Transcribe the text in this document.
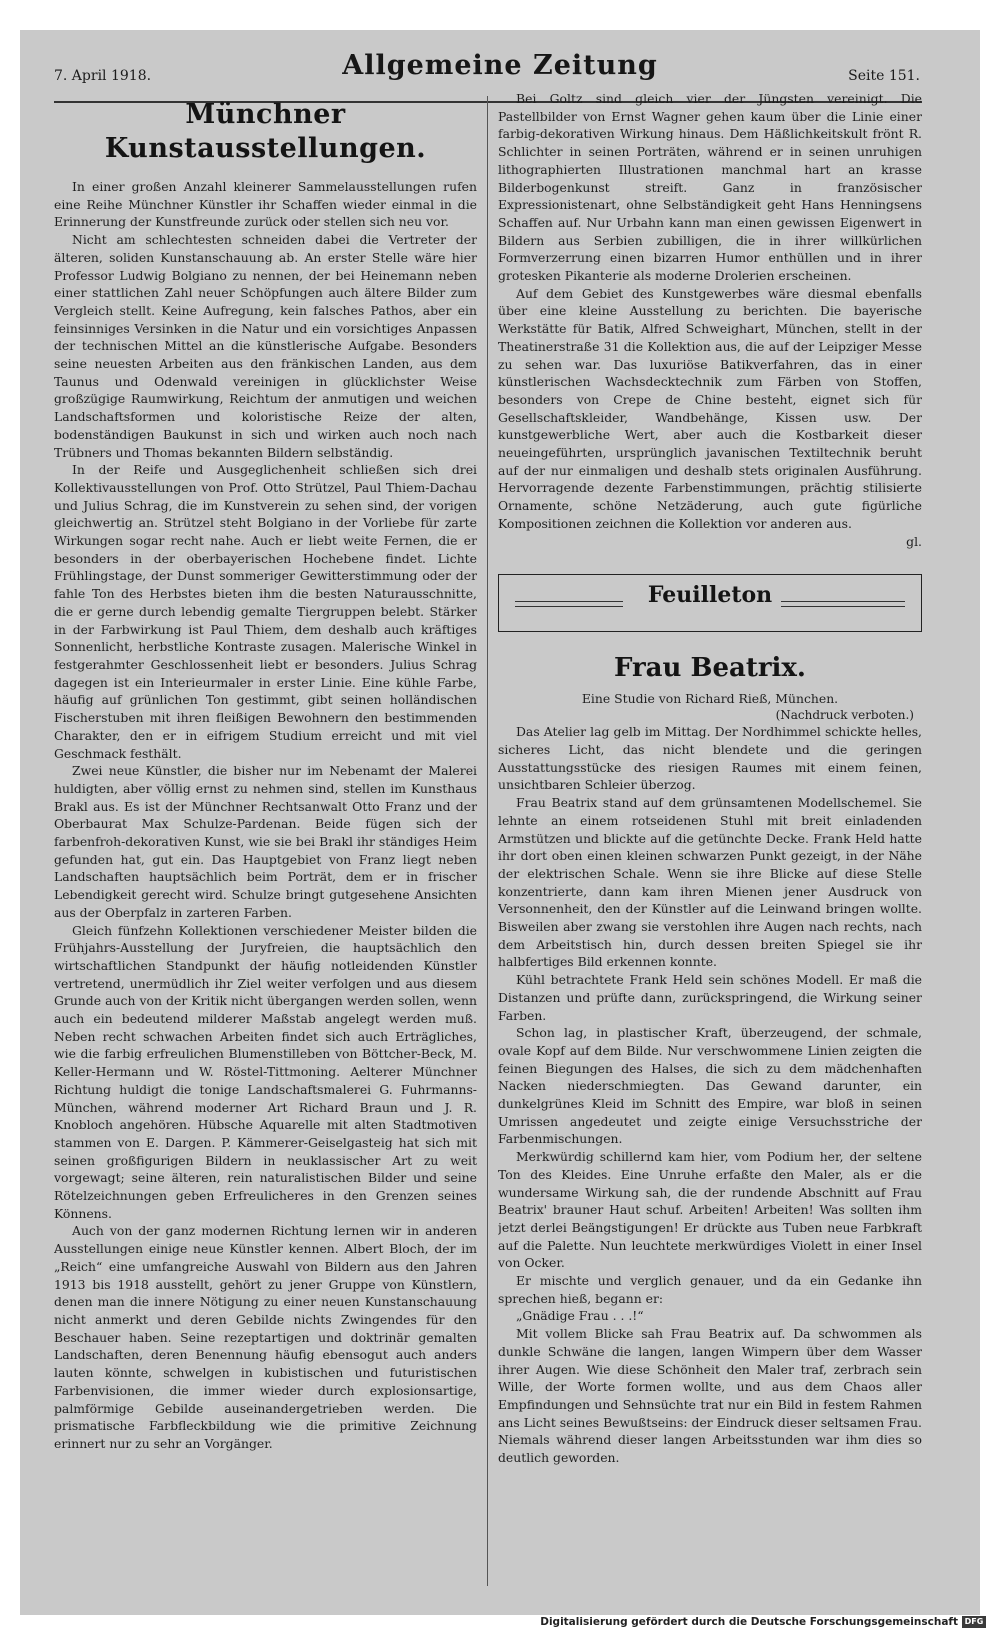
7. April 1918.	Allgemeine Zeitung	Seite 151.
Münchner Kunstausstellungen.

In einer großen Anzahl kleinerer Sammelausstellungen rufen eine Reihe Münchner Künstler ihr Schaffen wieder einmal in die Erinnerung der Kunstfreunde zurück oder stellen sich neu vor.

Nicht am schlechtesten schneiden dabei die Vertreter der älteren, soliden Kunstanschauung ab. An erster Stelle wäre hier Professor Ludwig Bolgiano zu nennen, der bei Heinemann neben einer stattlichen Zahl neuer Schöpfungen auch ältere Bilder zum Vergleich stellt. Keine Aufregung, kein falsches Pathos, aber ein feinsinniges Versinken in die Natur und ein vorsichtiges Anpassen der technischen Mittel an die künstlerische Aufgabe. Besonders seine neuesten Arbeiten aus den fränkischen Landen, aus dem Taunus und Odenwald vereinigen in glücklichster Weise großzügige Raumwirkung, Reichtum der anmutigen und weichen Landschaftsformen und koloristische Reize der alten, bodenständigen Baukunst in sich und wirken auch noch nach Trübners und Thomas bekannten Bildern selbständig.

In der Reife und Ausgeglichenheit schließen sich drei Kollektivausstellungen von Prof. Otto Strützel, Paul Thiem-Dachau und Julius Schrag, die im Kunstverein zu sehen sind, der vorigen gleichwertig an. Strützel steht Bolgiano in der Vorliebe für zarte Wirkungen sogar recht nahe. Auch er liebt weite Fernen, die er besonders in der oberbayerischen Hochebene findet. Lichte Frühlingstage, der Dunst sommeriger Gewitterstimmung oder der fahle Ton des Herbstes bieten ihm die besten Naturausschnitte, die er gerne durch lebendig gemalte Tiergruppen belebt. Stärker in der Farbwirkung ist Paul Thiem, dem deshalb auch kräftiges Sonnenlicht, herbstliche Kontraste zusagen. Malerische Winkel in festgerahmter Geschlossenheit liebt er besonders. Julius Schrag dagegen ist ein Interieurmaler in erster Linie. Eine kühle Farbe, häufig auf grünlichen Ton gestimmt, gibt seinen holländischen Fischerstuben mit ihren fleißigen Bewohnern den bestimmenden Charakter, den er in eifrigem Studium erreicht und mit viel Geschmack festhält.

Zwei neue Künstler, die bisher nur im Nebenamt der Malerei huldigten, aber völlig ernst zu nehmen sind, stellen im Kunsthaus Brakl aus. Es ist der Münchner Rechtsanwalt Otto Franz und der Oberbaurat Max Schulze-Pardenan. Beide fügen sich der farbenfroh-dekorativen Kunst, wie sie bei Brakl ihr ständiges Heim gefunden hat, gut ein. Das Hauptgebiet von Franz liegt neben Landschaften hauptsächlich beim Porträt, dem er in frischer Lebendigkeit gerecht wird. Schulze bringt gutgesehene Ansichten aus der Oberpfalz in zarteren Farben.

Gleich fünfzehn Kollektionen verschiedener Meister bilden die Frühjahrs-Ausstellung der Juryfreien, die hauptsächlich den wirtschaftlichen Standpunkt der häufig notleidenden Künstler vertretend, unermüdlich ihr Ziel weiter verfolgen und aus diesem Grunde auch von der Kritik nicht übergangen werden sollen, wenn auch ein bedeutend milderer Maßstab angelegt werden muß. Neben recht schwachen Arbeiten findet sich auch Erträgliches, wie die farbig erfreulichen Blumenstilleben von Böttcher-Beck, M. Keller-Hermann und W. Röstel-Tittmoning. Aelterer Münchner Richtung huldigt die tonige Landschaftsmalerei G. Fuhrmanns-München, während moderner Art Richard Braun und J. R. Knobloch angehören. Hübsche Aquarelle mit alten Stadtmotiven stammen von E. Dargen. P. Kämmerer-Geiselgasteig hat sich mit seinen großfigurigen Bildern in neuklassischer Art zu weit vorgewagt; seine älteren, rein naturalistischen Bilder und seine Rötelzeichnungen geben Erfreulicheres in den Grenzen seines Könnens.

Auch von der ganz modernen Richtung lernen wir in anderen Ausstellungen einige neue Künstler kennen. Albert Bloch, der im „Reich“ eine umfangreiche Auswahl von Bildern aus den Jahren 1913 bis 1918 ausstellt, gehört zu jener Gruppe von Künstlern, denen man die innere Nötigung zu einer neuen Kunstanschauung nicht anmerkt und deren Gebilde nichts Zwingendes für den Beschauer haben. Seine rezeptartigen und doktrinär gemalten Landschaften, deren Benennung häufig ebensogut auch anders lauten könnte, schwelgen in kubistischen und futuristischen Farbenvisionen, die immer wieder durch explosionsartige, palmförmige Gebilde auseinandergetrieben werden. Die prismatische Farbfleckbildung wie die primitive Zeichnung erinnert nur zu sehr an Vorgänger.

Bei Goltz sind gleich vier der Jüngsten vereinigt. Die Pastellbilder von Ernst Wagner gehen kaum über die Linie einer farbig-dekorativen Wirkung hinaus. Dem Häßlichkeitskult frönt R. Schlichter in seinen Porträten, während er in seinen unruhigen lithographierten Illustrationen manchmal hart an krasse Bilderbogenkunst streift. Ganz in französischer Expressionistenart, ohne Selbständigkeit geht Hans Henningsens Schaffen auf. Nur Urbahn kann man einen gewissen Eigenwert in Bildern aus Serbien zubilligen, die in ihrer willkürlichen Formverzerrung einen bizarren Humor enthüllen und in ihrer grotesken Pikanterie als moderne Drolerien erscheinen.

Auf dem Gebiet des Kunstgewerbes wäre diesmal ebenfalls über eine kleine Ausstellung zu berichten. Die bayerische Werkstätte für Batik, Alfred Schweighart, München, stellt in der Theatinerstraße 31 die Kollektion aus, die auf der Leipziger Messe zu sehen war. Das luxuriöse Batikverfahren, das in einer künstlerischen Wachsdecktechnik zum Färben von Stoffen, besonders von Crepe de Chine besteht, eignet sich für Gesellschaftskleider, Wandbehänge, Kissen usw. Der kunstgewerbliche Wert, aber auch die Kostbarkeit dieser neueingeführten, ursprünglich javanischen Textiltechnik beruht auf der nur einmaligen und deshalb stets originalen Ausführung. Hervorragende dezente Farbenstimmungen, prächtig stilisierte Ornamente, schöne Netzäderung, auch gute figürliche Kompositionen zeichnen die Kollektion vor anderen aus.

gl.
Feuilleton
Frau Beatrix.

Eine Studie von Richard Rieß, München.

(Nachdruck verboten.)

Das Atelier lag gelb im Mittag. Der Nordhimmel schickte helles, sicheres Licht, das nicht blendete und die geringen Ausstattungsstücke des riesigen Raumes mit einem feinen, unsichtbaren Schleier überzog.

Frau Beatrix stand auf dem grünsamtenen Modellschemel. Sie lehnte an einem rotseidenen Stuhl mit breit einladenden Armstützen und blickte auf die getünchte Decke. Frank Held hatte ihr dort oben einen kleinen schwarzen Punkt gezeigt, in der Nähe der elektrischen Schale. Wenn sie ihre Blicke auf diese Stelle konzentrierte, dann kam ihren Mienen jener Ausdruck von Versonnenheit, den der Künstler auf die Leinwand bringen wollte. Bisweilen aber zwang sie verstohlen ihre Augen nach rechts, nach dem Arbeitstisch hin, durch dessen breiten Spiegel sie ihr halbfertiges Bild erkennen konnte.

Kühl betrachtete Frank Held sein schönes Modell. Er maß die Distanzen und prüfte dann, zurückspringend, die Wirkung seiner Farben.

Schon lag, in plastischer Kraft, überzeugend, der schmale, ovale Kopf auf dem Bilde. Nur verschwommene Linien zeigten die feinen Biegungen des Halses, die sich zu dem mädchenhaften Nacken niederschmiegten. Das Gewand darunter, ein dunkelgrünes Kleid im Schnitt des Empire, war bloß in seinen Umrissen angedeutet und zeigte einige Versuchsstriche der Farbenmischungen.

Merkwürdig schillernd kam hier, vom Podium her, der seltene Ton des Kleides. Eine Unruhe erfaßte den Maler, als er die wundersame Wirkung sah, die der rundende Abschnitt auf Frau Beatrix' brauner Haut schuf. Arbeiten! Arbeiten! Was sollten ihm jetzt derlei Beängstigungen! Er drückte aus Tuben neue Farbkraft auf die Palette. Nun leuchtete merkwürdiges Violett in einer Insel von Ocker.

Er mischte und verglich genauer, und da ein Gedanke ihn sprechen hieß, begann er:

„Gnädige Frau . . .!“

Mit vollem Blicke sah Frau Beatrix auf. Da schwommen als dunkle Schwäne die langen, langen Wimpern über dem Wasser ihrer Augen. Wie diese Schönheit den Maler traf, zerbrach sein Wille, der Worte formen wollte, und aus dem Chaos aller Empfindungen und Sehnsüchte trat nur ein Bild in festem Rahmen ans Licht seines Bewußtseins: der Eindruck dieser seltsamen Frau. Niemals während dieser langen Arbeitsstunden war ihm dies so deutlich geworden.

Digitalisierung gefördert durch die Deutsche Forschungsgemeinschaft DFG
